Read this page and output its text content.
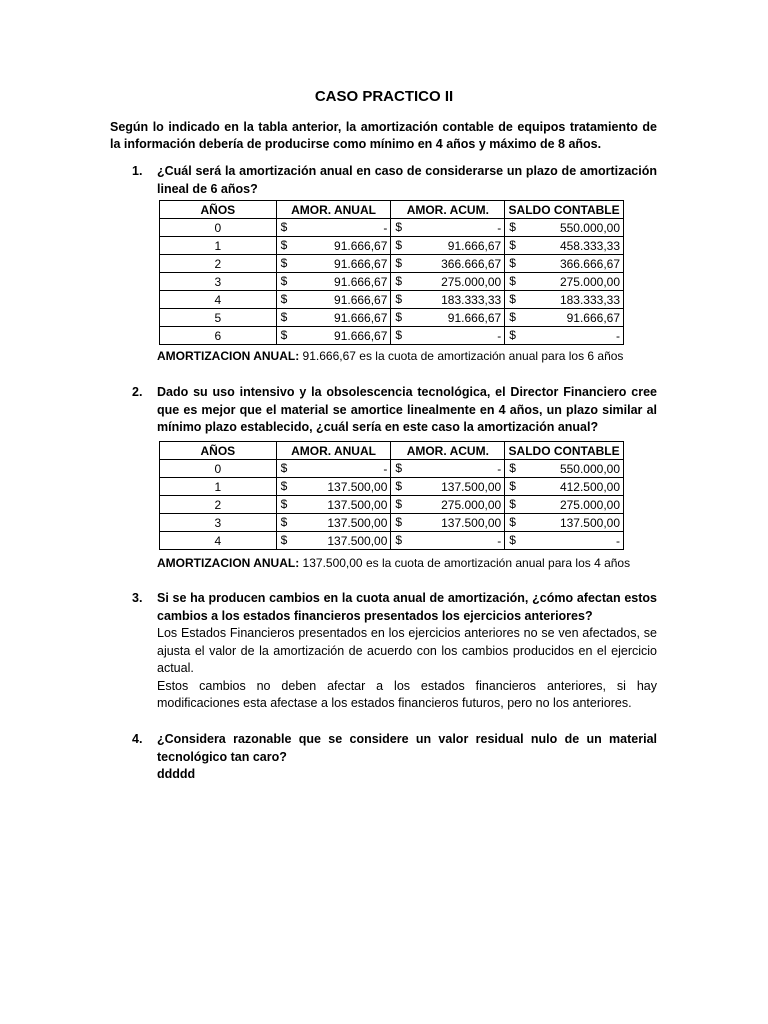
CASO PRACTICO II
Según lo indicado en la tabla anterior, la amortización contable de equipos tratamiento de la información debería de producirse como mínimo en 4 años y máximo de 8 años.
1. ¿Cuál será la amortización anual en caso de considerarse un plazo de amortización lineal de 6 años?
AÑOS	AMOR. ANUAL	AMOR. ACUM.	SALDO CONTABLE
0	$ -	$ -	$ 550.000,00

1	$ 91.666,67	$ 91.666,67	$ 458.333,33

2	$ 91.666,67	$ 366.666,67	$ 366.666,67

3	$ 91.666,67	$ 275.000,00	$ 275.000,00

4	$ 91.666,67	$ 183.333,33	$ 183.333,33

5	$ 91.666,67	$ 91.666,67	$ 91.666,67

6	$ 91.666,67	$ -	$ -
AMORTIZACION ANUAL: 91.666,67 es la cuota de amortización anual para los 6 años
2. Dado su uso intensivo y la obsolescencia tecnológica, el Director Financiero cree que es mejor que el material se amortice linealmente en 4 años, un plazo similar al mínimo plazo establecido, ¿cuál sería en este caso la amortización anual?
AÑOS	AMOR. ANUAL	AMOR. ACUM.	SALDO CONTABLE
0	$ -	$ -	$ 550.000,00

1	$ 137.500,00	$ 137.500,00	$ 412.500,00

2	$ 137.500,00	$ 275.000,00	$ 275.000,00

3	$ 137.500,00	$ 137.500,00	$ 137.500,00

4	$ 137.500,00	$ -	$ -
AMORTIZACION ANUAL: 137.500,00 es la cuota de amortización anual para los 4 años
3. Si se ha producen cambios en la cuota anual de amortización, ¿cómo afectan estos cambios a los estados financieros presentados los ejercicios anteriores?
Los Estados Financieros presentados en los ejercicios anteriores no se ven afectados, se ajusta el valor de la amortización de acuerdo con los cambios producidos en el ejercicio actual.
Estos cambios no deben afectar a los estados financieros anteriores, si hay modificaciones esta afectase a los estados financieros futuros, pero no los anteriores.
4. ¿Considera razonable que se considere un valor residual nulo de un material tecnológico tan caro?
ddddd
